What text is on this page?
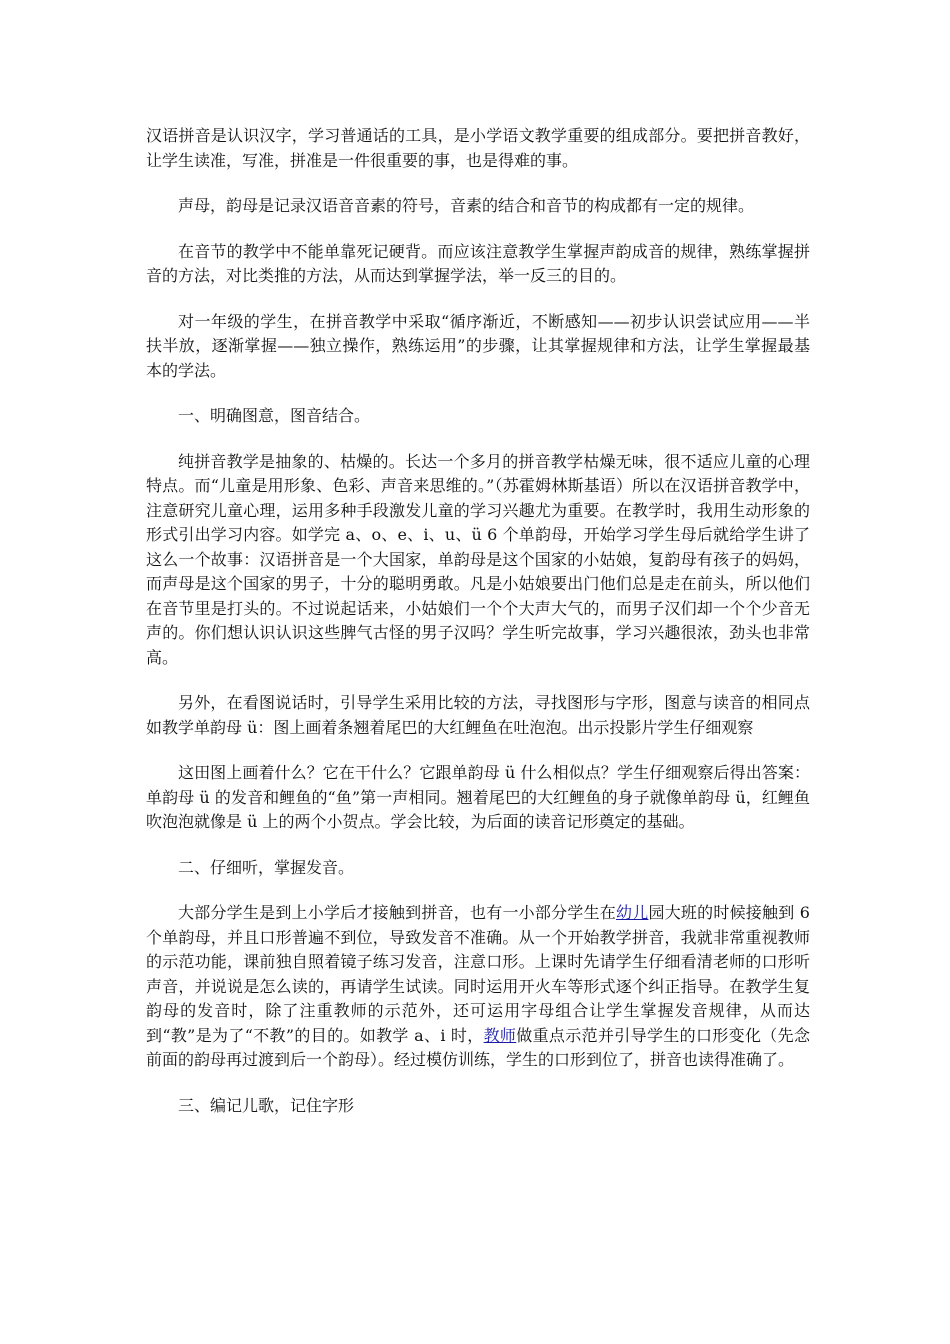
汉语拼音是认识汉字，学习普通话的工具，是小学语文教学重要的组成部分。要把拼音教好，让学生读准，写准，拼准是一件很重要的事，也是得难的事。

声母，韵母是记录汉语音音素的符号，音素的结合和音节的构成都有一定的规律。

在音节的教学中不能单靠死记硬背。而应该注意教学生掌握声韵成音的规律，熟练掌握拼音的方法，对比类推的方法，从而达到掌握学法，举一反三的目的。

对一年级的学生，在拼音教学中采取“循序渐近，不断感知——初步认识尝试应用——半扶半放，逐渐掌握——独立操作，熟练运用”的步骤，让其掌握规律和方法，让学生掌握最基本的学法。

一、明确图意，图音结合。

纯拼音教学是抽象的、枯燥的。长达一个多月的拼音教学枯燥无味，很不适应儿童的心理特点。而“儿童是用形象、色彩、声音来思维的。”（苏霍姆林斯基语）所以在汉语拼音教学中，注意研究儿童心理，运用多种手段激发儿童的学习兴趣尤为重要。在教学时，我用生动形象的形式引出学习内容。如学完 a、o、e、i、u、ü 6 个单韵母，开始学习学生母后就给学生讲了这么一个故事：汉语拼音是一个大国家，单韵母是这个国家的小姑娘，复韵母有孩子的妈妈，而声母是这个国家的男子，十分的聪明勇敢。凡是小姑娘要出门他们总是走在前头，所以他们在音节里是打头的。不过说起话来，小姑娘们一个个大声大气的，而男子汉们却一个个少音无声的。你们想认识认识这些脾气古怪的男子汉吗？学生听完故事，学习兴趣很浓，劲头也非常高。

另外，在看图说话时，引导学生采用比较的方法，寻找图形与字形，图意与读音的相同点如教学单韵母 ü：图上画着条翘着尾巴的大红鲤鱼在吐泡泡。出示投影片学生仔细观察

这田图上画着什么？它在干什么？它跟单韵母 ü 什么相似点？学生仔细观察后得出答案：单韵母 ü 的发音和鲤鱼的“鱼”第一声相同。翘着尾巴的大红鲤鱼的身子就像单韵母 ü，红鲤鱼吹泡泡就像是 ü 上的两个小贺点。学会比较，为后面的读音记形奠定的基础。

二、仔细听，掌握发音。

大部分学生是到上小学后才接触到拼音，也有一小部分学生在幼儿园大班的时候接触到 6 个单韵母，并且口形普遍不到位，导致发音不准确。从一个开始教学拼音，我就非常重视教师的示范功能，课前独自照着镜子练习发音，注意口形。上课时先请学生仔细看清老师的口形听声音，并说说是怎么读的，再请学生试读。同时运用开火车等形式逐个纠正指导。在教学生复韵母的发音时，除了注重教师的示范外，还可运用字母组合让学生掌握发音规律，从而达到“教”是为了“不教”的目的。如教学 a、i 时，教师做重点示范并引导学生的口形变化（先念前面的韵母再过渡到后一个韵母）。经过模仿训练，学生的口形到位了，拼音也读得准确了。

三、编记儿歌，记住字形
